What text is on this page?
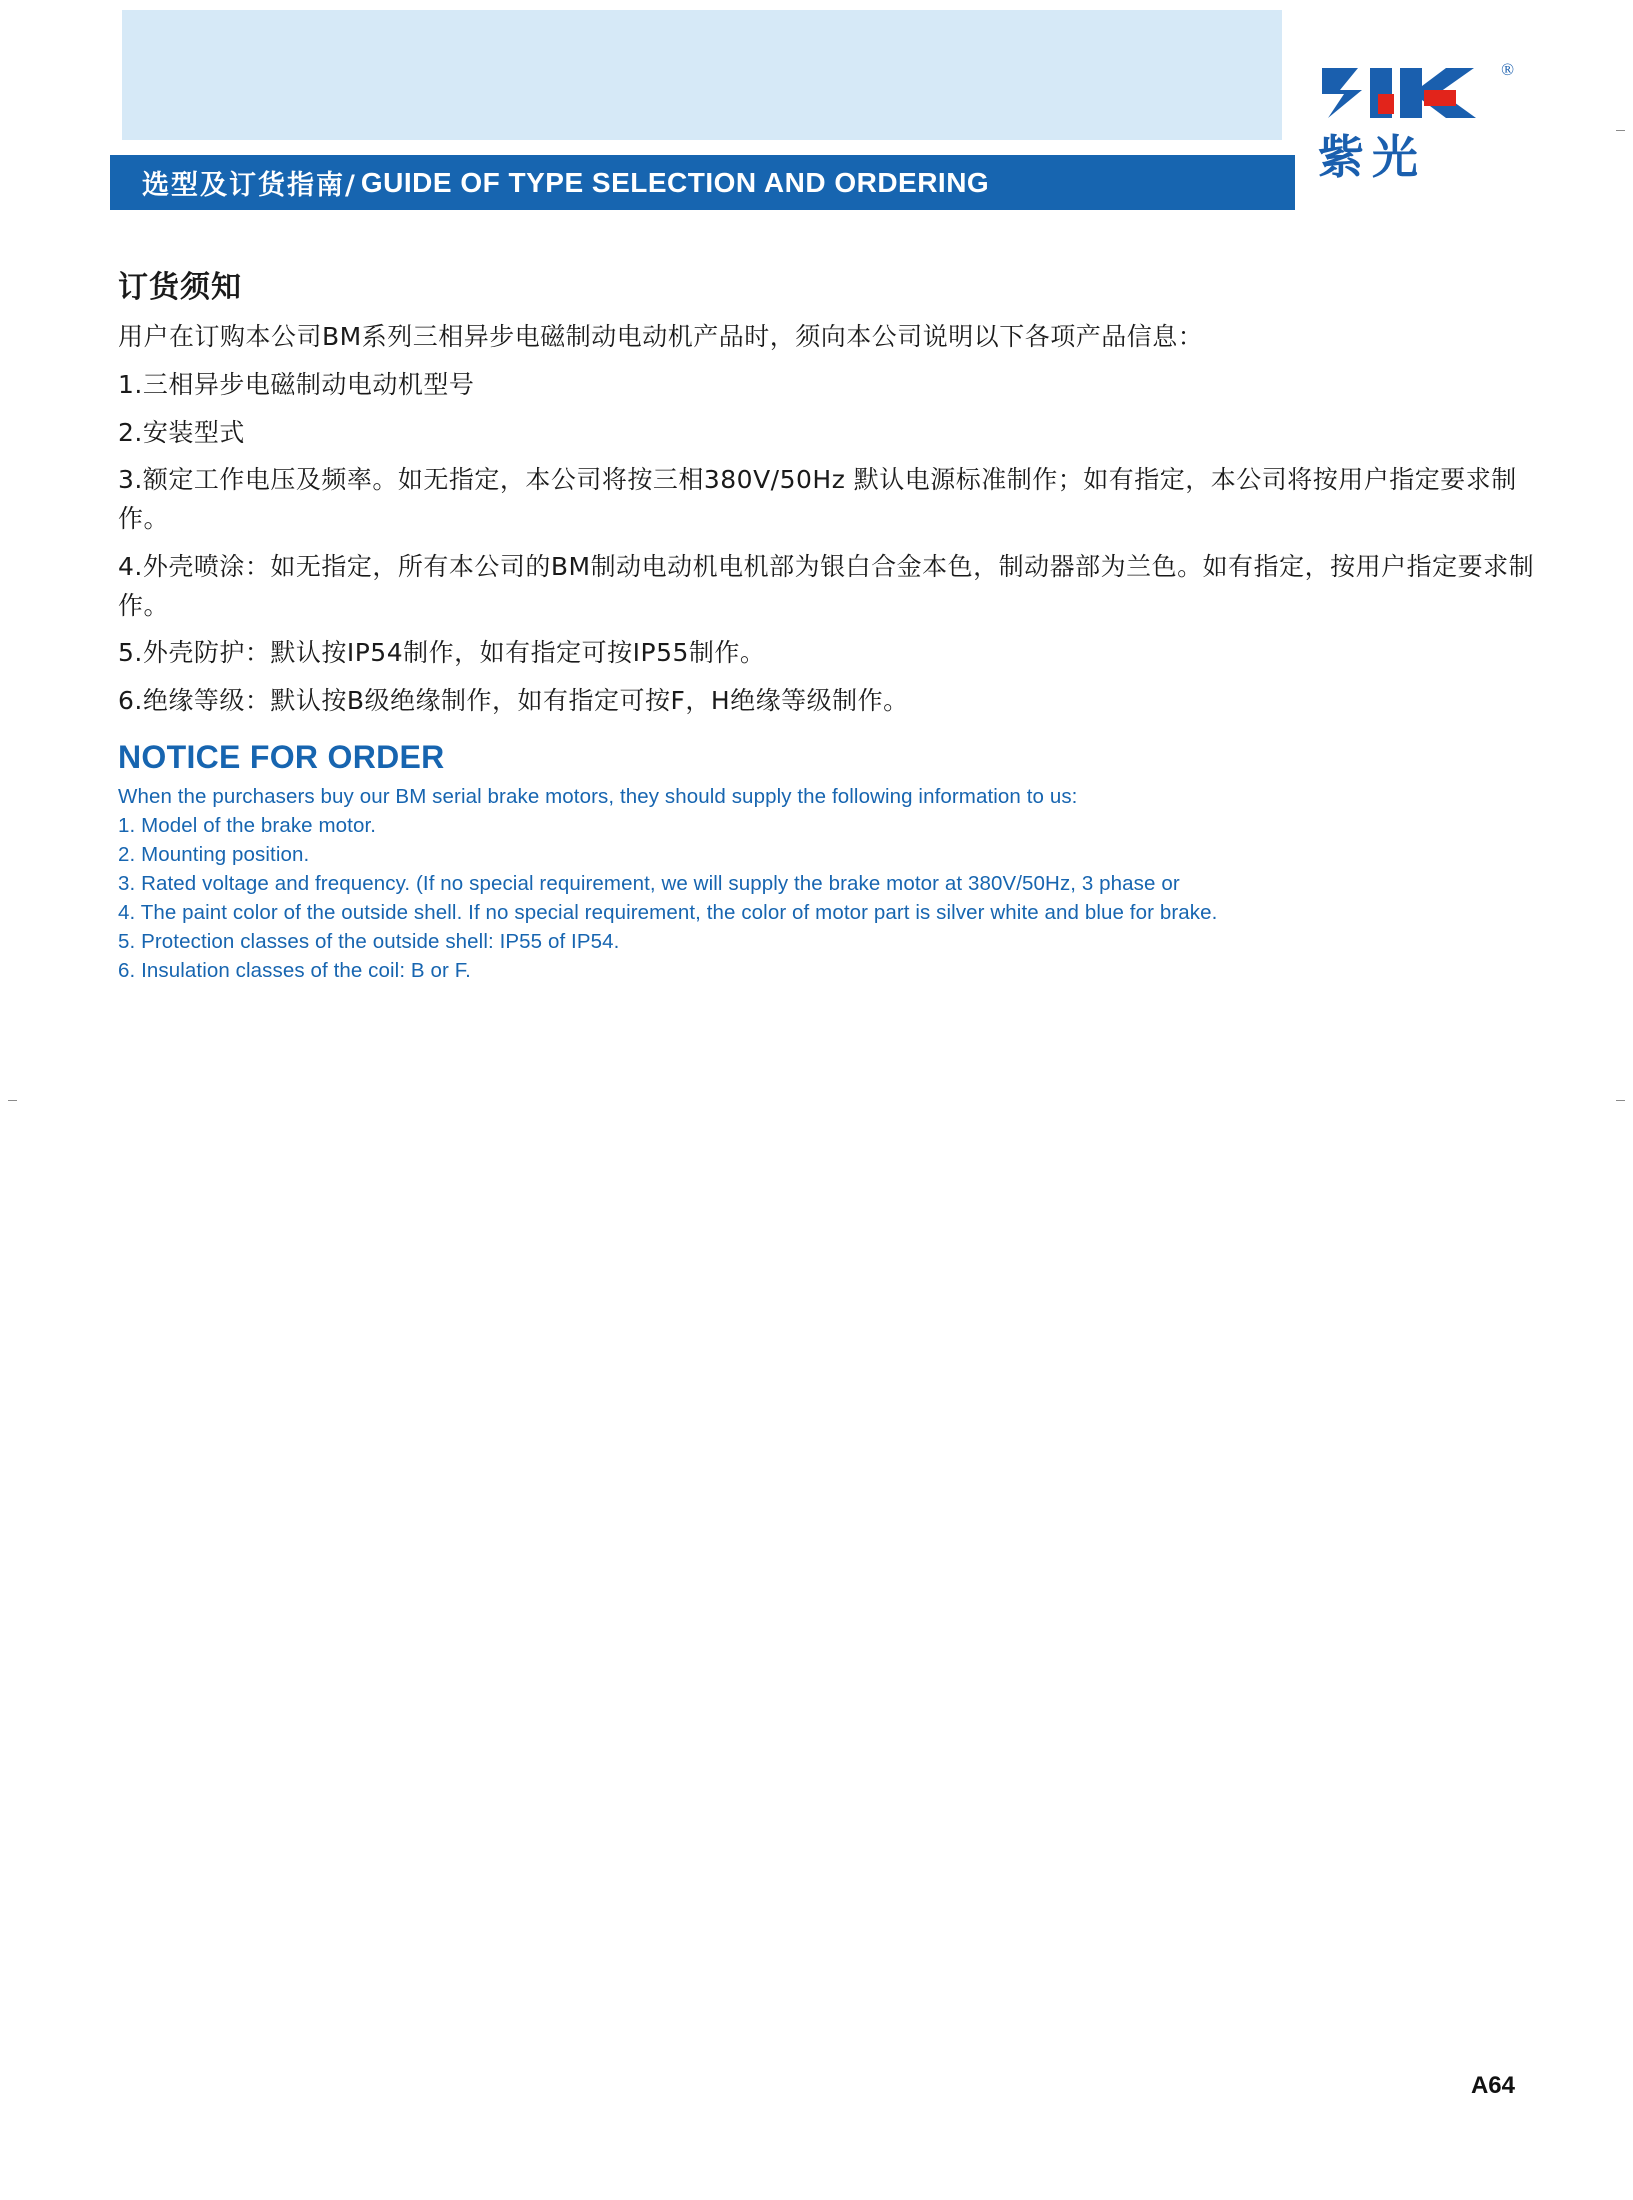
选型及订货指南/ GUIDE OF TYPE SELECTION AND ORDERING
®
紫光
订货须知

用户在订购本公司BM系列三相异步电磁制动电动机产品时，须向本公司说明以下各项产品信息：

1.三相异步电磁制动电动机型号

2.安装型式

3.额定工作电压及频率。如无指定，本公司将按三相380V/50Hz 默认电源标准制作；如有指定，本公司将按用户指定要求制作。

4.外壳喷涂：如无指定，所有本公司的BM制动电动机电机部为银白合金本色，制动器部为兰色。如有指定，按用户指定要求制作。

5.外壳防护：默认按IP54制作，如有指定可按IP55制作。

6.绝缘等级：默认按B级绝缘制作，如有指定可按F，H绝缘等级制作。

NOTICE FOR ORDER

When the purchasers buy our BM serial brake motors, they should supply the following information to us:

1. Model of the brake motor.

2. Mounting position.

3. Rated voltage and frequency. (If no special requirement, we will supply the brake motor at 380V/50Hz, 3 phase or

4. The paint color of the outside shell. If no special requirement, the color of motor part is silver white and blue for brake.

5. Protection classes of the outside shell: IP55 of IP54.

6. Insulation classes of the coil: B or F.

A64
